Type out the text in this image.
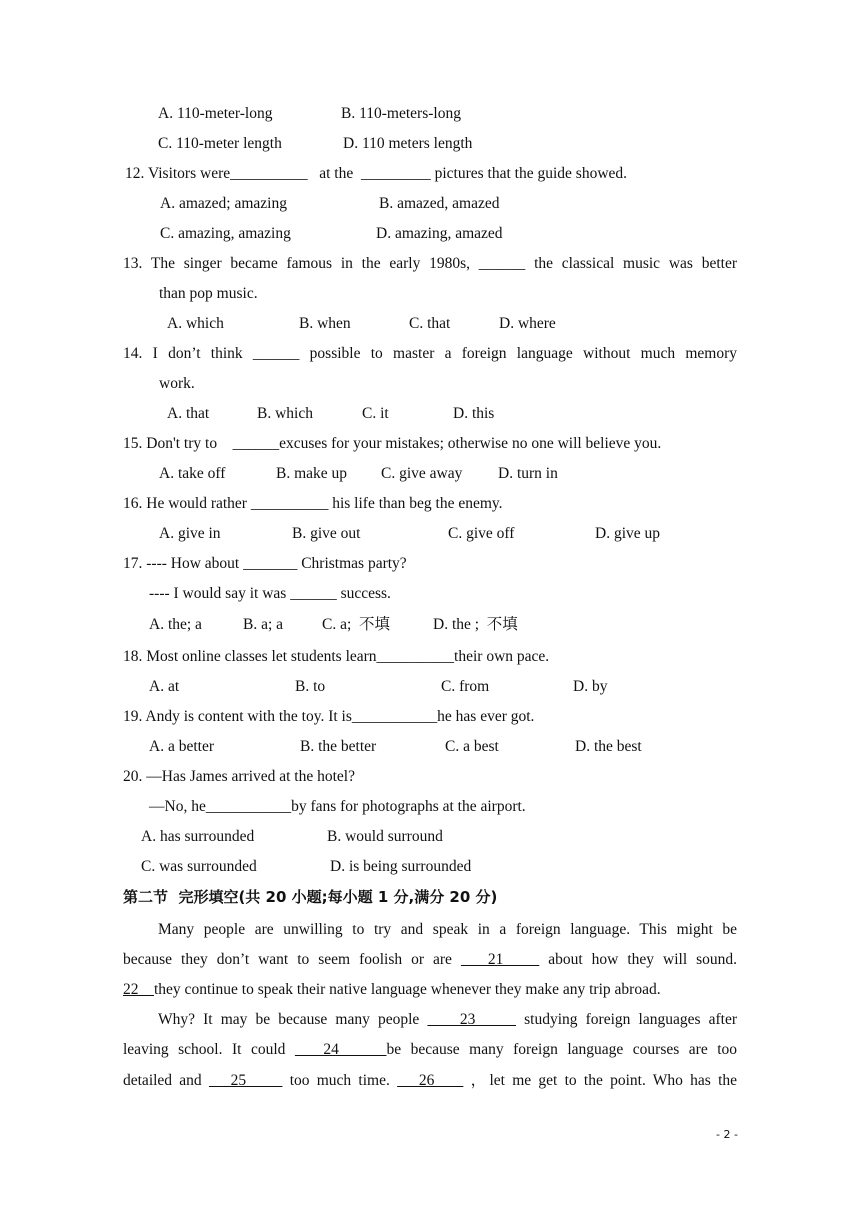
A. 110-meter-long	B. 110-meters-long
C. 110-meter length	D. 110 meters length
12. Visitors were__________   at the  _________ pictures that the guide showed.
A. amazed; amazing	B. amazed, amazed
C. amazing, amazing	D. amazing, amazed
13. The singer became famous in the early 1980s, ______ the classical music was better
than pop music.
A. which	B. when	C. that	D. where
14. I don’t think ______ possible to master a foreign language without much memory
work.
A. that	B. which	C. it	D. this
15. Don't try to    ______excuses for your mistakes; otherwise no one will believe you.
A. take off	B. make up C. give away D. turn in
16. He would rather __________ his life than beg the enemy.
A. give in	B. give out	C. give off	D. give up
17. ---- How about _______ Christmas party?
---- I would say it was ______ success.
A. the; a	B. a; a	C. a;  不填	D. the ;  不填
18. Most online classes let students learn__________their own pace.
A. at	B. to	C. from	D. by
19. Andy is content with the toy. It is___________he has ever got.
A. a better	B. the better	C. a best	D. the best
20. —Has James arrived at the hotel?
—No, he___________by fans for photographs at the airport.
A. has surrounded	B. would surround
C. was surrounded	D. is being surrounded
第二节  完形填空(共 20 小题;每小题 1 分,满分 20 分)
Many people are unwilling to try and speak in a foreign language. This might be
because they don’t want to seem foolish or are    21     about how they will sound.
22    they continue to speak their native language whenever they make any trip abroad.
Why? It may be because many people     23      studying foreign languages after
leaving school. It could    24     be because many foreign language courses are too
detailed and    25      too much time.    26     ，let me get to the point. Who has the
- 2 -
